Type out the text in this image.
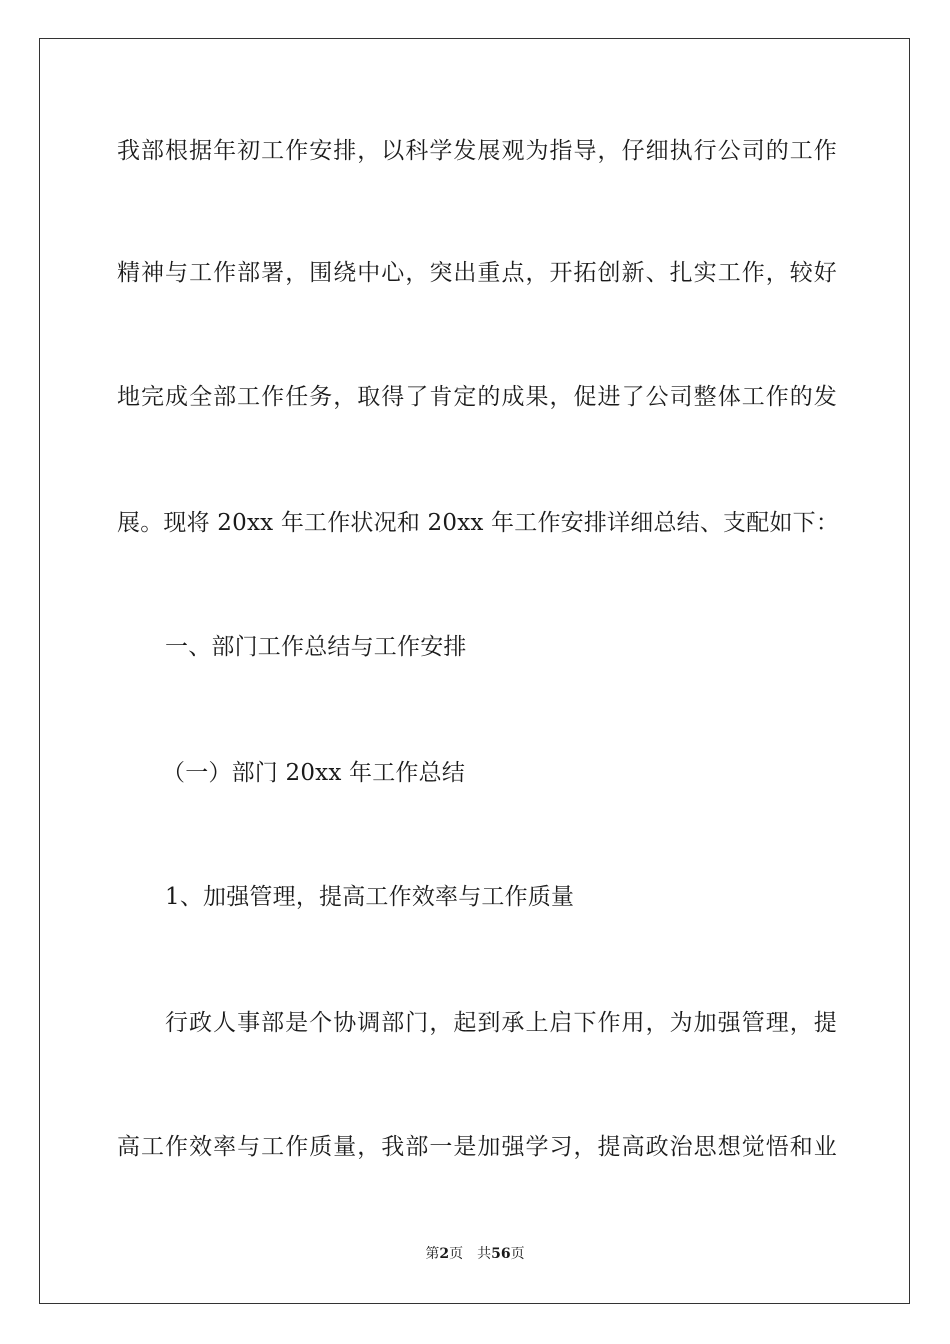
我部根据年初工作安排，以科学发展观为指导，仔细执行公司的工作
精神与工作部署，围绕中心，突出重点，开拓创新、扎实工作，较好
地完成全部工作任务，取得了肯定的成果，促进了公司整体工作的发
展。现将 20xx 年工作状况和 20xx 年工作安排详细总结、支配如下：
一、部门工作总结与工作安排
（一）部门 20xx 年工作总结
1、加强管理，提高工作效率与工作质量
行政人事部是个协调部门，起到承上启下作用，为加强管理，提
高工作效率与工作质量，我部一是加强学习，提高政治思想觉悟和业
第2页 共56页
